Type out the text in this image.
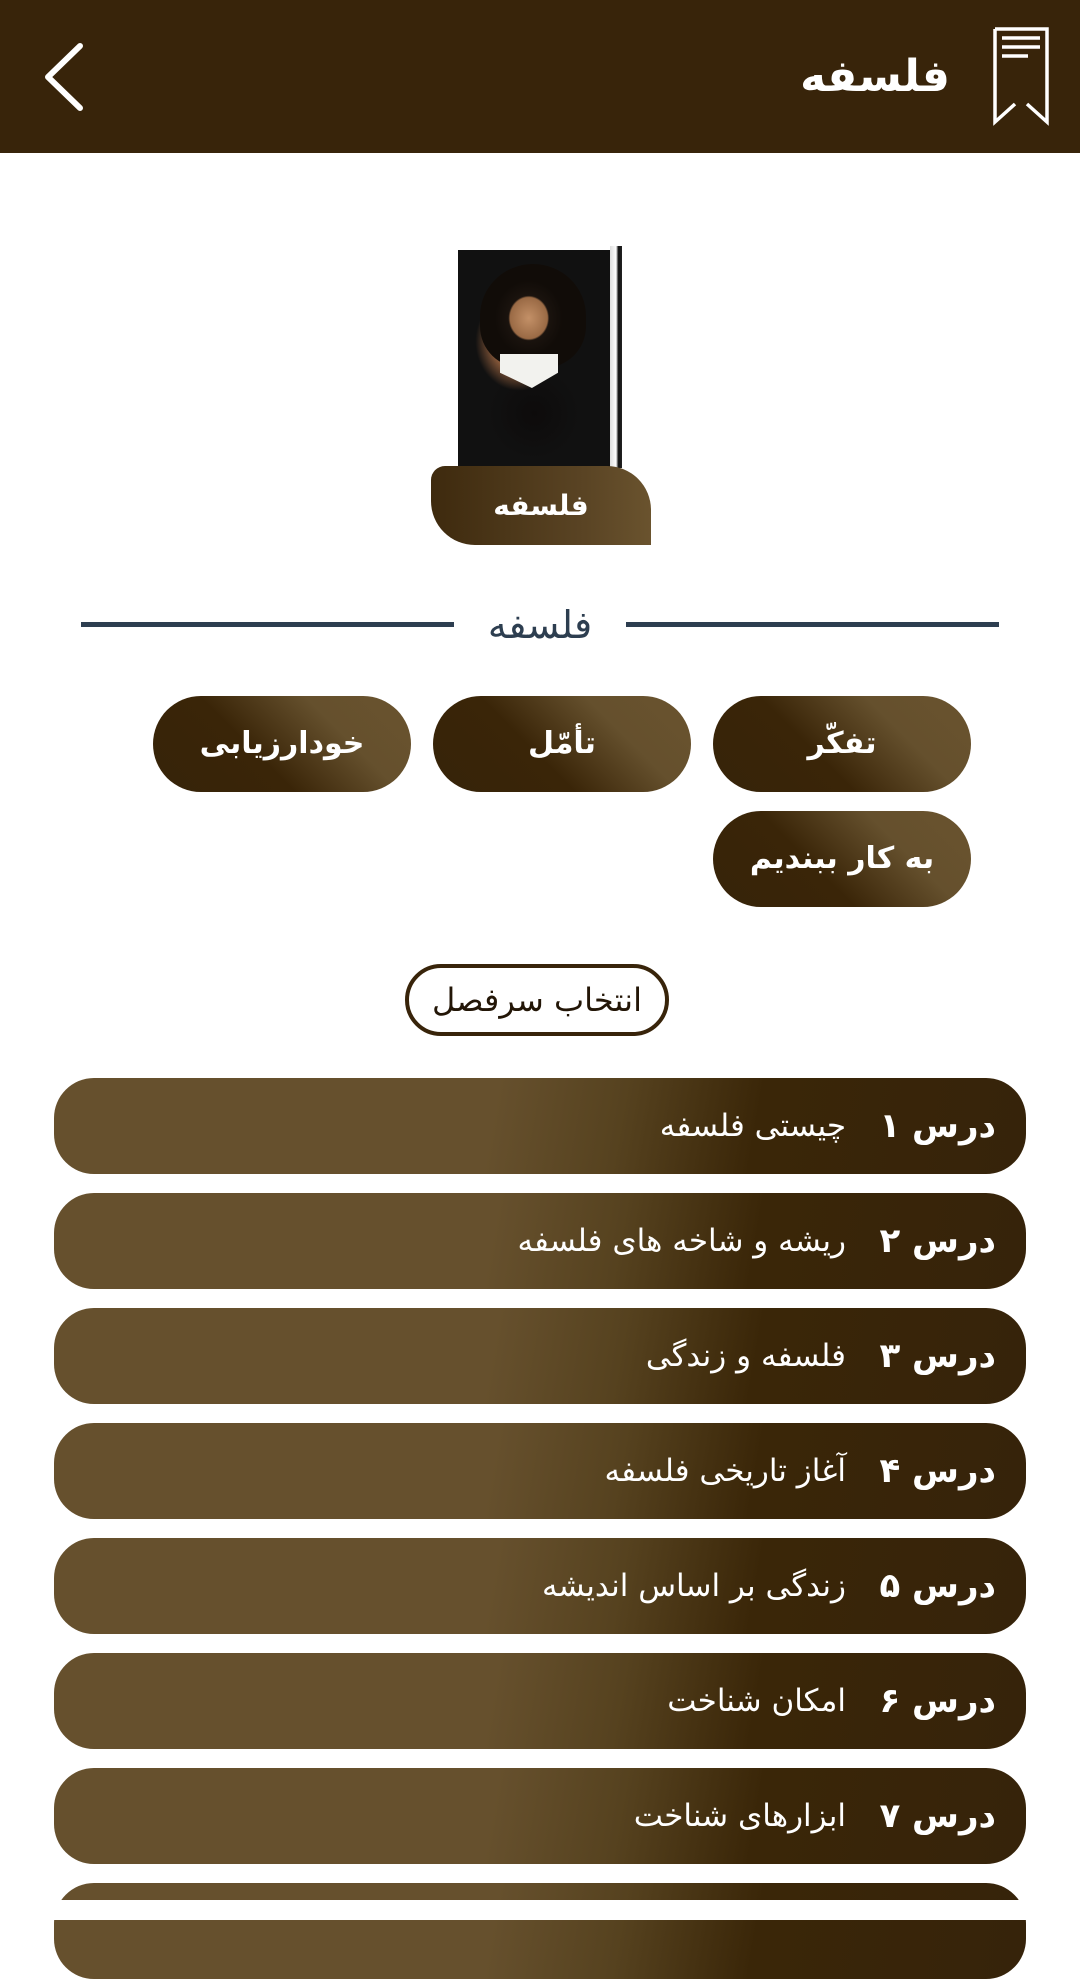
فلسفه
فلسفه
فلسفه
تفکّر
تأمّل
خودارزیابی
به کار ببندیم
انتخاب سرفصل
درس ۱
چیستی فلسفه
درس ۲
ریشه و شاخه های فلسفه
درس ۳
فلسفه و زندگی
درس ۴
آغاز تاریخی فلسفه
درس ۵
زندگی بر اساس اندیشه
درس ۶
امکان شناخت
درس ۷
ابزارهای شناخت
